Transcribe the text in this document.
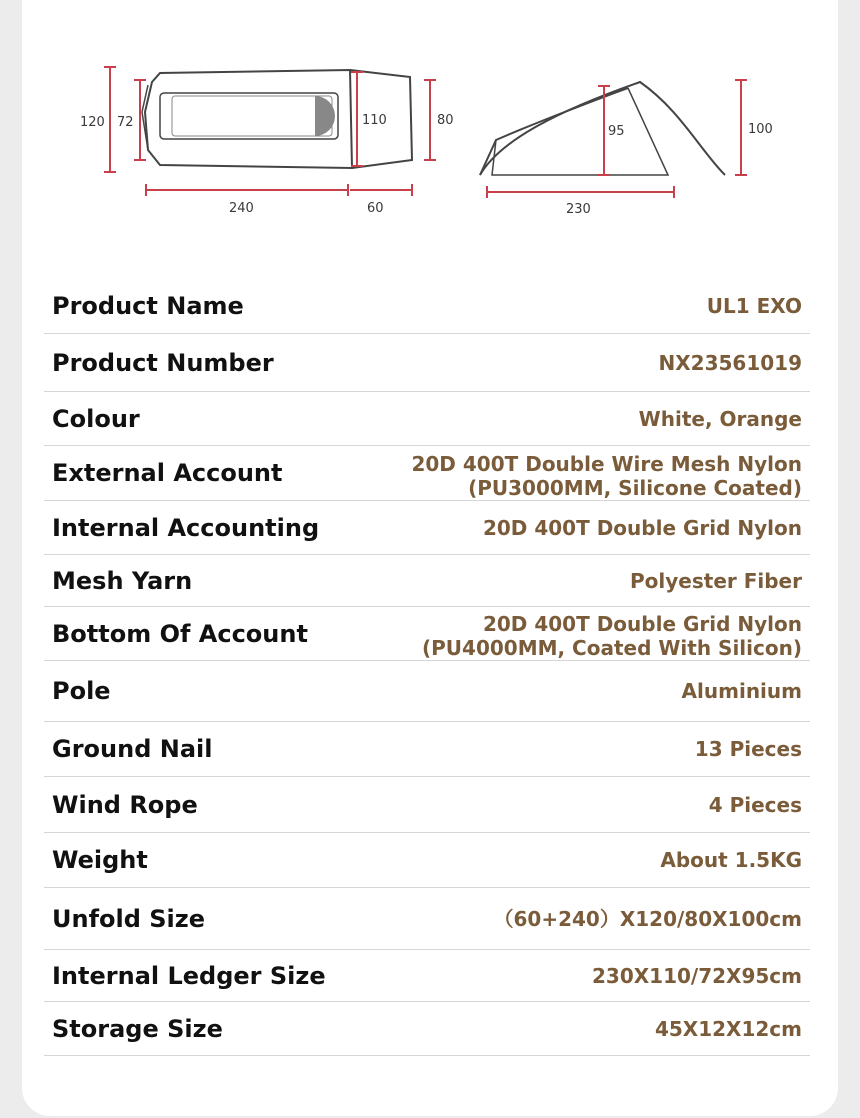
120 72	110	80
240	60
95	100
230
Product Name	UL1 EXO
Product Number	NX23561019
Colour	White, Orange
External Account	20D 400T Double Wire Mesh Nylon
(PU3000MM, Silicone Coated)
Internal Accounting	20D 400T Double Grid Nylon
Mesh Yarn	Polyester Fiber
Bottom Of Account	20D 400T Double Grid Nylon
(PU4000MM, Coated With Silicon)
Pole	Aluminium
Ground Nail	13 Pieces
Wind Rope	4 Pieces
Weight	About 1.5KG
Unfold Size	（60+240）X120/80X100cm
Internal Ledger Size	230X110/72X95cm
Storage Size	45X12X12cm
